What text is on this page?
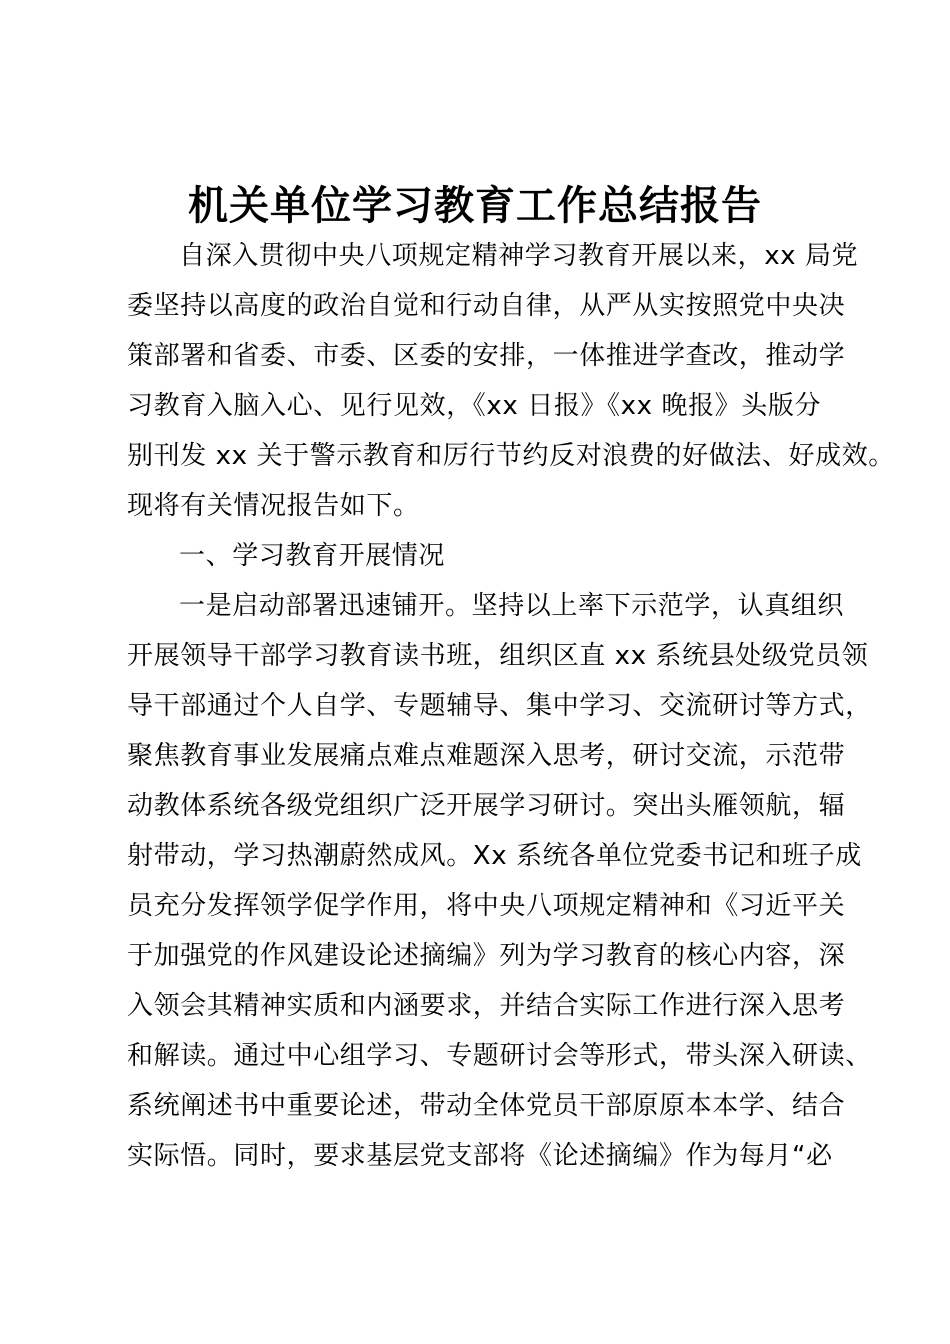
机关单位学习教育工作总结报告
自深入贯彻中央八项规定精神学习教育开展以来，xx 局党
委坚持以高度的政治自觉和行动自律，从严从实按照党中央决
策部署和省委、市委、区委的安排，一体推进学查改，推动学
习教育入脑入心、见行见效，《xx 日报》《xx 晚报》头版分
别刊发 xx 关于警示教育和厉行节约反对浪费的好做法、好成效。
现将有关情况报告如下。
一、学习教育开展情况
一是启动部署迅速铺开。坚持以上率下示范学，认真组织
开展领导干部学习教育读书班，组织区直 xx 系统县处级党员领
导干部通过个人自学、专题辅导、集中学习、交流研讨等方式，
聚焦教育事业发展痛点难点难题深入思考，研讨交流，示范带
动教体系统各级党组织广泛开展学习研讨。突出头雁领航，辐
射带动，学习热潮蔚然成风。Xx 系统各单位党委书记和班子成
员充分发挥领学促学作用，将中央八项规定精神和《习近平关
于加强党的作风建设论述摘编》列为学习教育的核心内容，深
入领会其精神实质和内涵要求，并结合实际工作进行深入思考
和解读。通过中心组学习、专题研讨会等形式，带头深入研读、
系统阐述书中重要论述，带动全体党员干部原原本本学、结合
实际悟。同时，要求基层党支部将《论述摘编》作为每月“必
